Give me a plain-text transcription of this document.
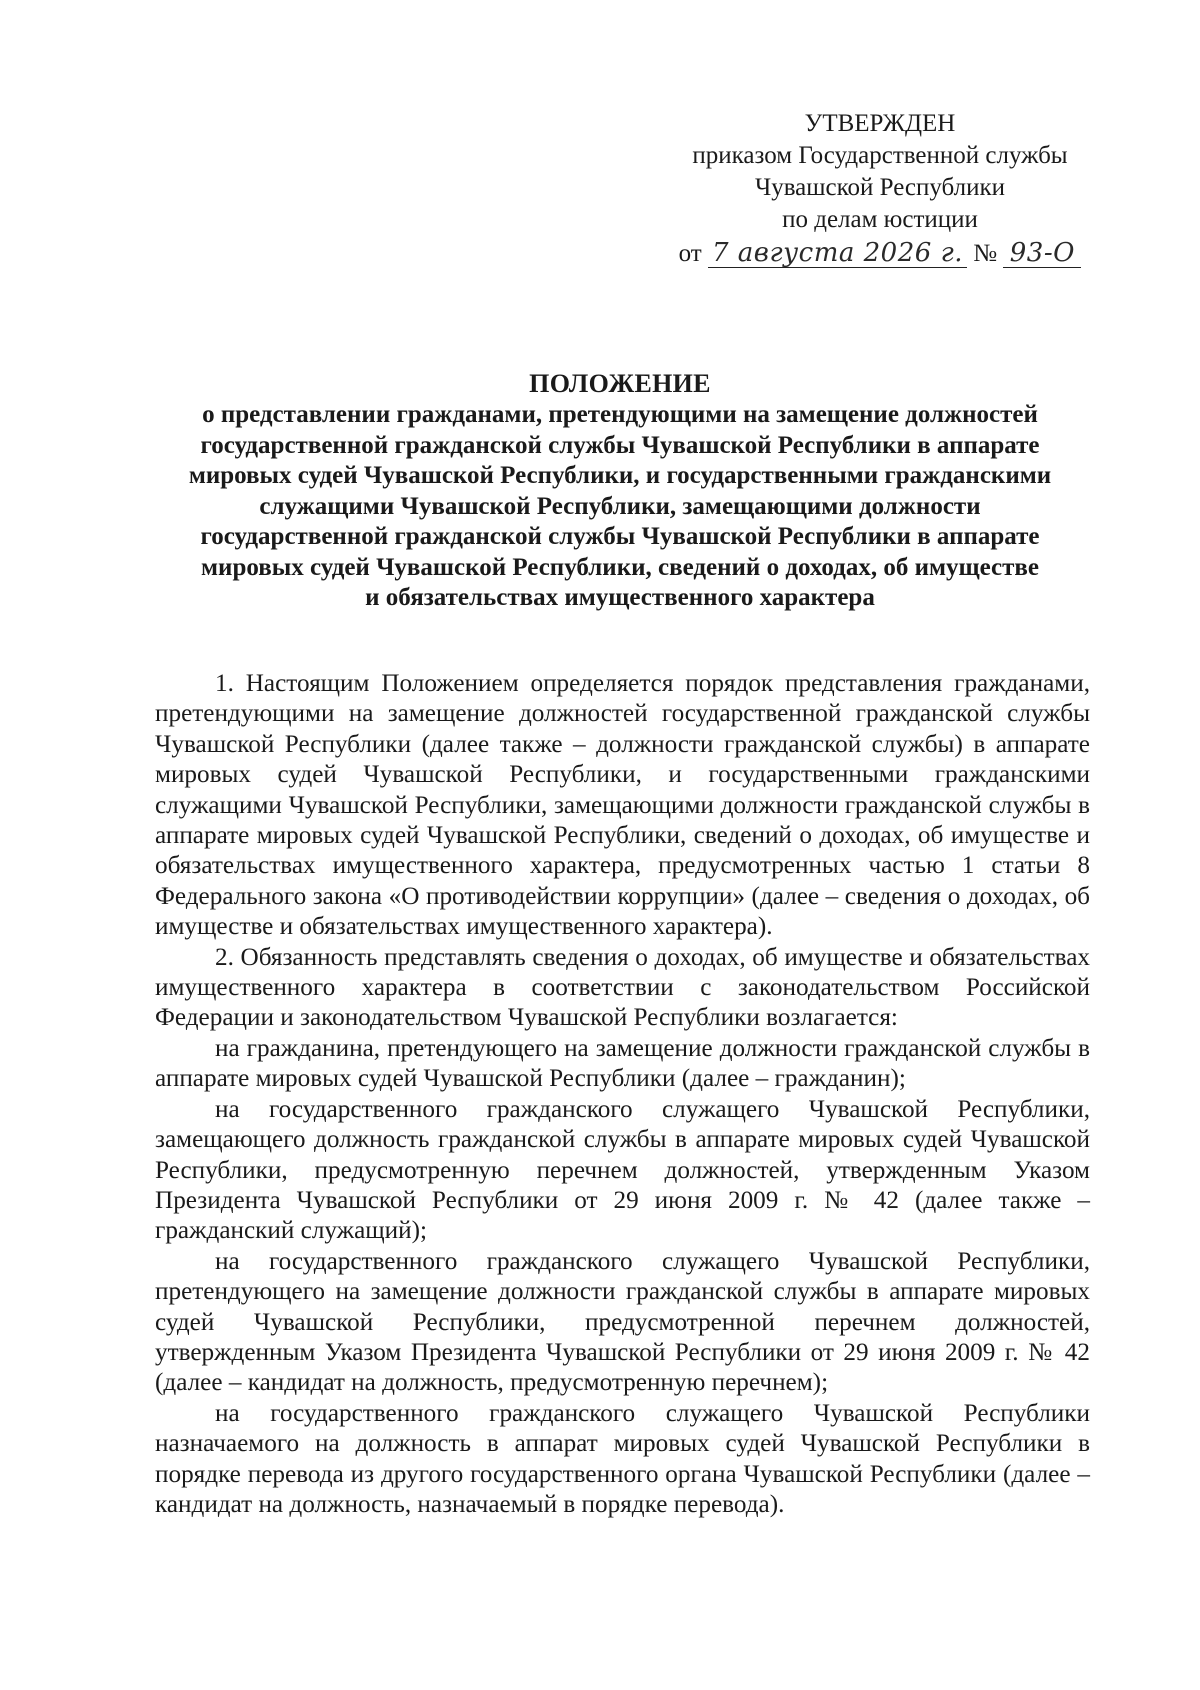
УТВЕРЖДЕН
приказом Государственной службы
Чувашской Республики
по делам юстиции
от 7 августа 2026 г. № 93-О
ПОЛОЖЕНИЕ
о представлении гражданами, претендующими на замещение должностей
государственной гражданской службы Чувашской Республики в аппарате
мировых судей Чувашской Республики, и государственными гражданскими
служащими Чувашской Республики, замещающими должности
государственной гражданской службы Чувашской Республики в аппарате
мировых судей Чувашской Республики, сведений о доходах, об имуществе
и обязательствах имущественного характера

1. Настоящим Положением определяется порядок представления гражданами, претендующими на замещение должностей государственной гражданской службы Чувашской Республики (далее также – должности гражданской службы) в аппарате мировых судей Чувашской Республики, и государственными гражданскими служащими Чувашской Республики, замещающими должности гражданской службы в аппарате мировых судей Чувашской Республики, сведений о доходах, об имуществе и обязательствах имущественного характера, предусмотренных частью 1 статьи 8 Федерального закона «О противодействии коррупции» (далее – сведения о доходах, об имуществе и обязательствах имущественного характера).

2. Обязанность представлять сведения о доходах, об имуществе и обязательствах имущественного характера в соответствии с законодательством Российской Федерации и законодательством Чувашской Республики возлагается:

на гражданина, претендующего на замещение должности гражданской службы в аппарате мировых судей Чувашской Республики (далее – гражданин);

на государственного гражданского служащего Чувашской Республики, замещающего должность гражданской службы в аппарате мировых судей Чувашской Республики, предусмотренную перечнем должностей, утвержденным Указом Президента Чувашской Республики от 29 июня 2009 г. № 42 (далее также – гражданский служащий);

на государственного гражданского служащего Чувашской Республики, претендующего на замещение должности гражданской службы в аппарате мировых судей Чувашской Республики, предусмотренной перечнем должностей, утвержденным Указом Президента Чувашской Республики от 29 июня 2009 г. № 42 (далее – кандидат на должность, предусмотренную перечнем);

на государственного гражданского служащего Чувашской Республики назначаемого на должность в аппарат мировых судей Чувашской Республики в порядке перевода из другого государственного органа Чувашской Республики (далее – кандидат на должность, назначаемый в порядке перевода).
